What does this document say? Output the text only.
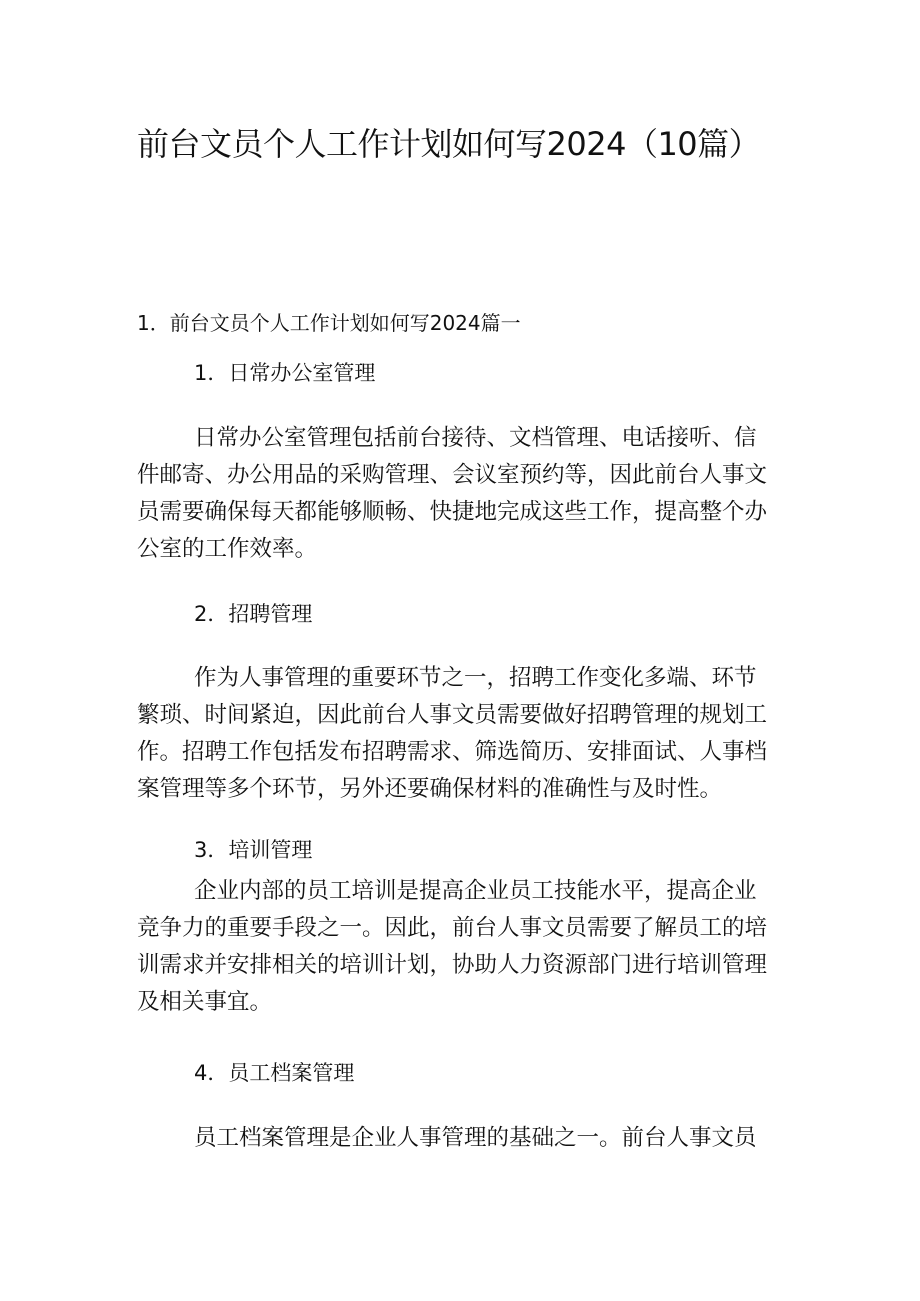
前台文员个人工作计划如何写2024（10篇）
1．前台文员个人工作计划如何写2024篇一
1．日常办公室管理
日常办公室管理包括前台接待、文档管理、电话接听、信
件邮寄、办公用品的采购管理、会议室预约等，因此前台人事文
员需要确保每天都能够顺畅、快捷地完成这些工作，提高整个办
公室的工作效率。
2．招聘管理
作为人事管理的重要环节之一，招聘工作变化多端、环节
繁琐、时间紧迫，因此前台人事文员需要做好招聘管理的规划工
作。招聘工作包括发布招聘需求、筛选简历、安排面试、人事档
案管理等多个环节，另外还要确保材料的准确性与及时性。
3．培训管理
企业内部的员工培训是提高企业员工技能水平，提高企业
竞争力的重要手段之一。因此，前台人事文员需要了解员工的培
训需求并安排相关的培训计划，协助人力资源部门进行培训管理
及相关事宜。
4．员工档案管理
员工档案管理是企业人事管理的基础之一。前台人事文员
